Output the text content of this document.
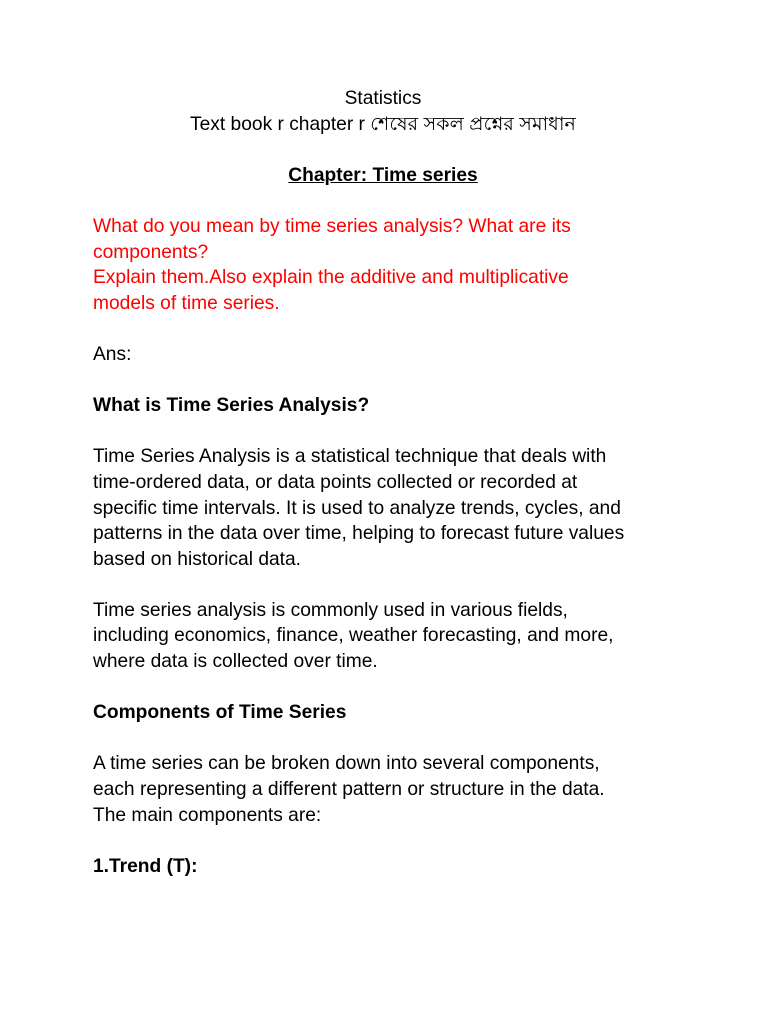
Statistics

Text book r chapter r শেষের সকল প্রশ্নের সমাধান

Chapter: Time series

What do you mean by time series analysis? What are its

components?

Explain them.Also explain the additive and multiplicative

models of time series.

Ans:

What is Time Series Analysis?

Time Series Analysis is a statistical technique that deals with

time-ordered data, or data points collected or recorded at

specific time intervals. It is used to analyze trends, cycles, and

patterns in the data over time, helping to forecast future values

based on historical data.

Time series analysis is commonly used in various fields,

including economics, finance, weather forecasting, and more,

where data is collected over time.

Components of Time Series

A time series can be broken down into several components,

each representing a different pattern or structure in the data.

The main components are:

1.Trend (T):
